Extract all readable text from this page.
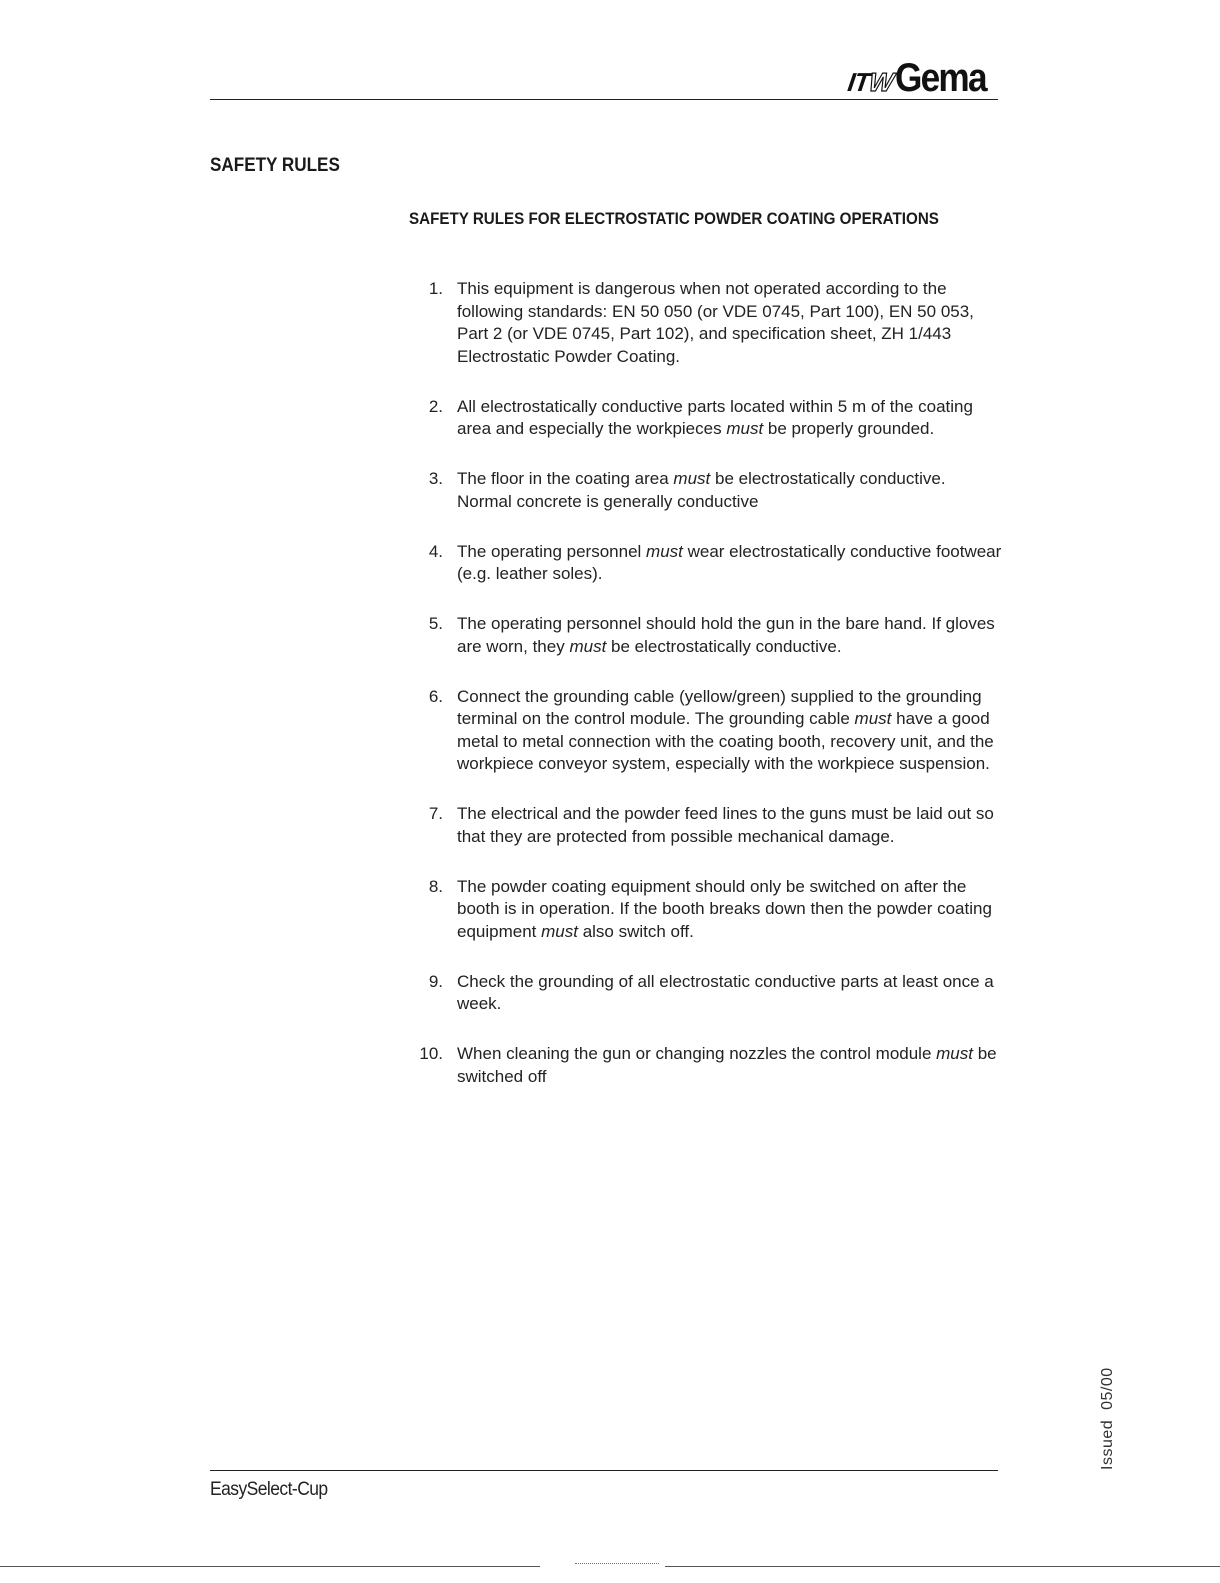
ITW Gema
SAFETY RULES
SAFETY RULES FOR ELECTROSTATIC POWDER COATING OPERATIONS
1. This equipment is dangerous when not operated according to the following standards: EN 50 050 (or VDE 0745, Part 100), EN 50 053, Part 2 (or VDE 0745, Part 102), and specification sheet, ZH 1/443 Electrostatic Powder Coating.
2. All electrostatically conductive parts located within 5 m of the coating area and especially the workpieces must be properly grounded.
3. The floor in the coating area must be electrostatically conductive. Normal concrete is generally conductive
4. The operating personnel must wear electrostatically conductive footwear (e.g. leather soles).
5. The operating personnel should hold the gun in the bare hand. If gloves are worn, they must be electrostatically conductive.
6. Connect the grounding cable (yellow/green) supplied to the grounding terminal on the control module. The grounding cable must have a good metal to metal connection with the coating booth, recovery unit, and the workpiece conveyor system, especially with the workpiece suspension.
7. The electrical and the powder feed lines to the guns must be laid out so that they are protected from possible mechanical damage.
8. The powder coating equipment should only be switched on after the booth is in operation. If the booth breaks down then the powder coating equipment must also switch off.
9. Check the grounding of all electrostatic conductive parts at least once a week.
10. When cleaning the gun or changing nozzles the control module must be switched off
EasySelect-Cup
Issued05/00
